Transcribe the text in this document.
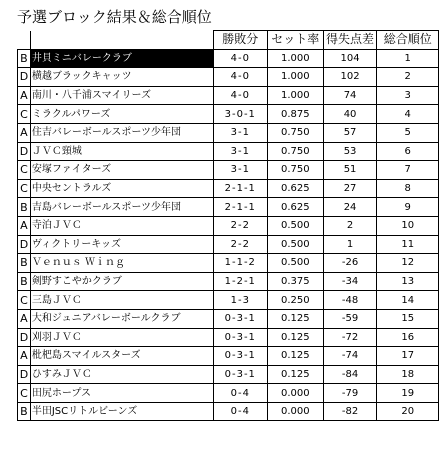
予選ブロック結果＆総合順位
		勝敗分	セット率	得失点差	総合順位
B	井貝ミニバレークラブ	4-0	1.000	104	1
D	横越ブラックキャッツ	4-0	1.000	102	2
A	南川・八千浦スマイリーズ	4-0	1.000	74	3
C	ミラクルパワーズ	3-0-1	0.875	40	4
A	住吉バレーボールスポーツ少年団	3-1	0.750	57	5
D	ＪＶＣ頸城	3-1	0.750	53	6
C	安塚ファイターズ	3-1	0.750	51	7
C	中央セントラルズ	2-1-1	0.625	27	8
B	吉島バレーボールスポーツ少年団	2-1-1	0.625	24	9
A	寺泊ＪＶＣ	2-2	0.500	2	10
D	ヴィクトリーキッズ	2-2	0.500	1	11
B	Ｖｅｎｕｓ Ｗｉｎｇ	1-1-2	0.500	-26	12
B	剣野すこやかクラブ	1-2-1	0.375	-34	13
C	三島ＪＶＣ	1-3	0.250	-48	14
A	大和ジュニアバレーボールクラブ	0-3-1	0.125	-59	15
D	刈羽ＪＶＣ	0-3-1	0.125	-72	16
A	枇杷島スマイルスターズ	0-3-1	0.125	-74	17
D	ひすみＪＶＣ	0-3-1	0.125	-84	18
C	田尻ホープス	0-4	0.000	-79	19
B	半田JSCリトルビーンズ	0-4	0.000	-82	20
